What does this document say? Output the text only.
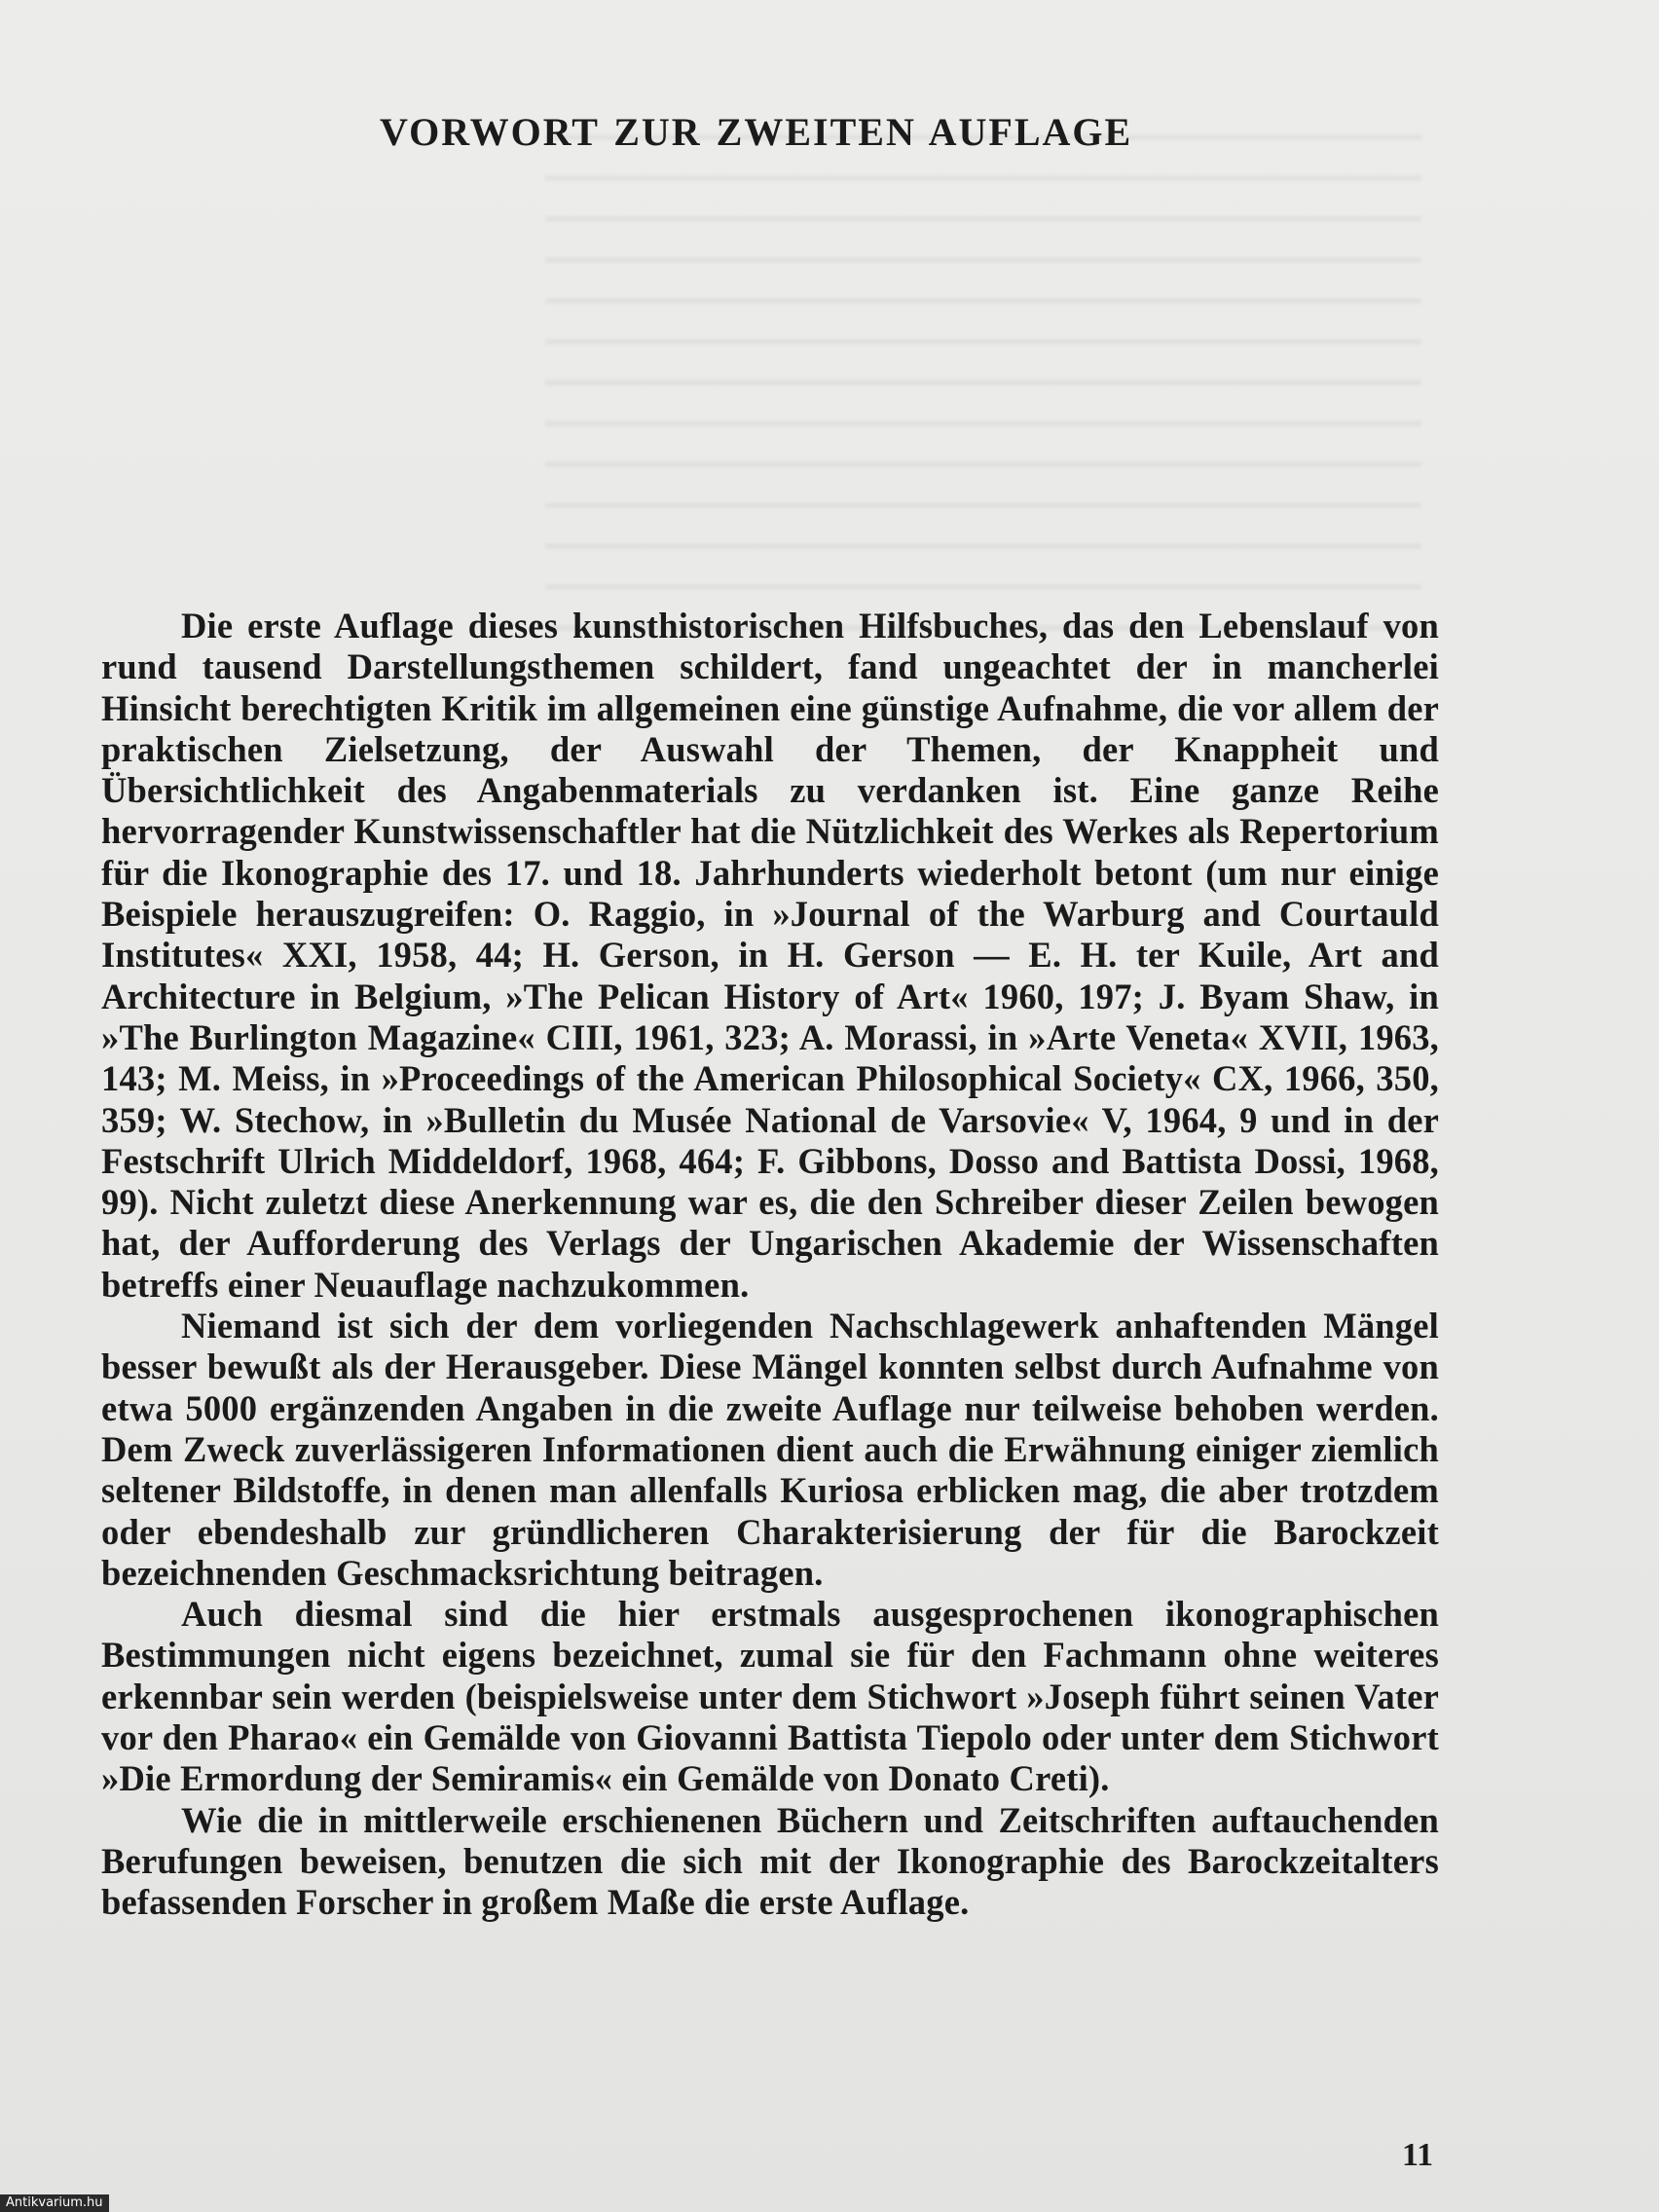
VORWORT ZUR ZWEITEN AUFLAGE

Die erste Auflage dieses kunsthistorischen Hilfsbuches, das den Lebenslauf von rund tausend Darstellungsthemen schildert, fand ungeachtet der in mancherlei Hinsicht berechtigten Kritik im allgemeinen eine günstige Aufnahme, die vor allem der praktischen Zielsetzung, der Auswahl der Themen, der Knappheit und Übersichtlichkeit des Angabenmaterials zu verdanken ist. Eine ganze Reihe hervorragender Kunstwissenschaftler hat die Nützlichkeit des Werkes als Repertorium für die Ikonographie des 17. und 18. Jahrhunderts wiederholt betont (um nur einige Beispiele herauszugreifen: O. Raggio, in »Journal of the Warburg and Courtauld Institutes« XXI, 1958, 44; H. Gerson, in H. Gerson — E. H. ter Kuile, Art and Architecture in Belgium, »The Pelican History of Art« 1960, 197; J. Byam Shaw, in »The Burlington Magazine« CIII, 1961, 323; A. Morassi, in »Arte Veneta« XVII, 1963, 143; M. Meiss, in »Proceedings of the American Philosophical Society« CX, 1966, 350, 359; W. Stechow, in »Bulletin du Musée National de Varsovie« V, 1964, 9 und in der Festschrift Ulrich Middeldorf, 1968, 464; F. Gibbons, Dosso and Battista Dossi, 1968, 99). Nicht zuletzt diese Anerkennung war es, die den Schreiber dieser Zeilen bewogen hat, der Aufforderung des Verlags der Ungarischen Akademie der Wissenschaften betreffs einer Neuauflage nachzukommen.

Niemand ist sich der dem vorliegenden Nachschlagewerk anhaftenden Mängel besser bewußt als der Herausgeber. Diese Mängel konnten selbst durch Aufnahme von etwa 5000 ergänzenden Angaben in die zweite Auflage nur teilweise behoben werden. Dem Zweck zuverlässigeren Informationen dient auch die Erwähnung einiger ziemlich seltener Bildstoffe, in denen man allenfalls Kuriosa erblicken mag, die aber trotzdem oder ebendeshalb zur gründlicheren Charakterisierung der für die Barockzeit bezeichnenden Geschmacksrichtung beitragen.

Auch diesmal sind die hier erstmals ausgesprochenen ikonographischen Bestimmungen nicht eigens bezeichnet, zumal sie für den Fachmann ohne weiteres erkennbar sein werden (beispielsweise unter dem Stichwort »Joseph führt seinen Vater vor den Pharao« ein Gemälde von Giovanni Battista Tiepolo oder unter dem Stichwort »Die Ermordung der Semiramis« ein Gemälde von Donato Creti).

Wie die in mittlerweile erschienenen Büchern und Zeitschriften auftauchenden Berufungen beweisen, benutzen die sich mit der Ikonographie des Barockzeitalters befassenden Forscher in großem Maße die erste Auflage.

11
Antikvarium.hu
